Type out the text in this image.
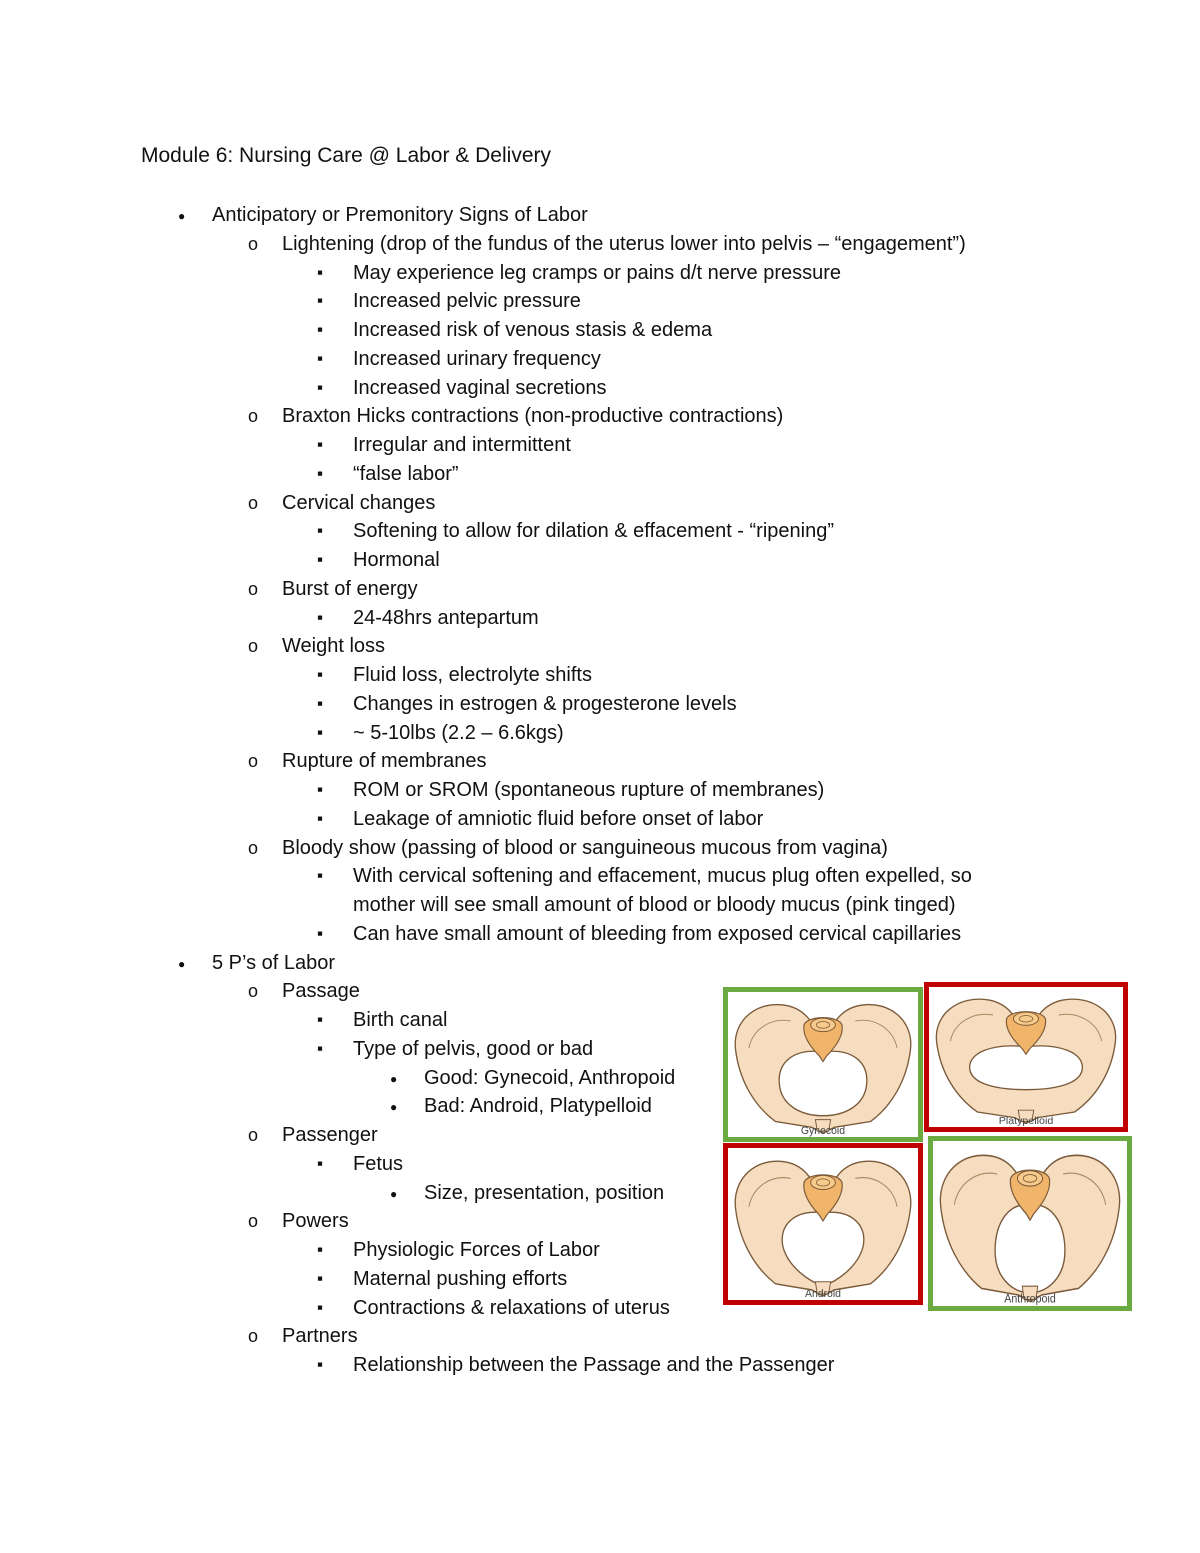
Module 6: Nursing Care @ Labor & Delivery
● Anticipatory or Premonitory Signs of Labor
o Lightening (drop of the fundus of the uterus lower into pelvis – “engagement”)
▪ May experience leg cramps or pains d/t nerve pressure
▪ Increased pelvic pressure
▪ Increased risk of venous stasis & edema
▪ Increased urinary frequency
▪ Increased vaginal secretions
o Braxton Hicks contractions (non-productive contractions)
▪ Irregular and intermittent
▪ “false labor”
o Cervical changes
▪ Softening to allow for dilation & effacement - “ripening”
▪ Hormonal
o Burst of energy
▪ 24-48hrs antepartum
o Weight loss
▪ Fluid loss, electrolyte shifts
▪ Changes in estrogen & progesterone levels
▪ ~ 5-10lbs (2.2 – 6.6kgs)
o Rupture of membranes
▪ ROM or SROM (spontaneous rupture of membranes)
▪ Leakage of amniotic fluid before onset of labor
o Bloody show (passing of blood or sanguineous mucous from vagina)
▪ With cervical softening and effacement, mucus plug often expelled, so
mother will see small amount of blood or bloody mucus (pink tinged)
▪ Can have small amount of bleeding from exposed cervical capillaries
● 5 P’s of Labor
o Passage
▪ Birth canal
▪ Type of pelvis, good or bad
● Good: Gynecoid, Anthropoid
● Bad: Android, Platypelloid
o Passenger
▪ Fetus
● Size, presentation, position
o Powers
▪ Physiologic Forces of Labor
▪ Maternal pushing efforts
▪ Contractions & relaxations of uterus
o Partners
▪ Relationship between the Passage and the Passenger
Gynecoid
Platypelloid
Android	Anthropoid
